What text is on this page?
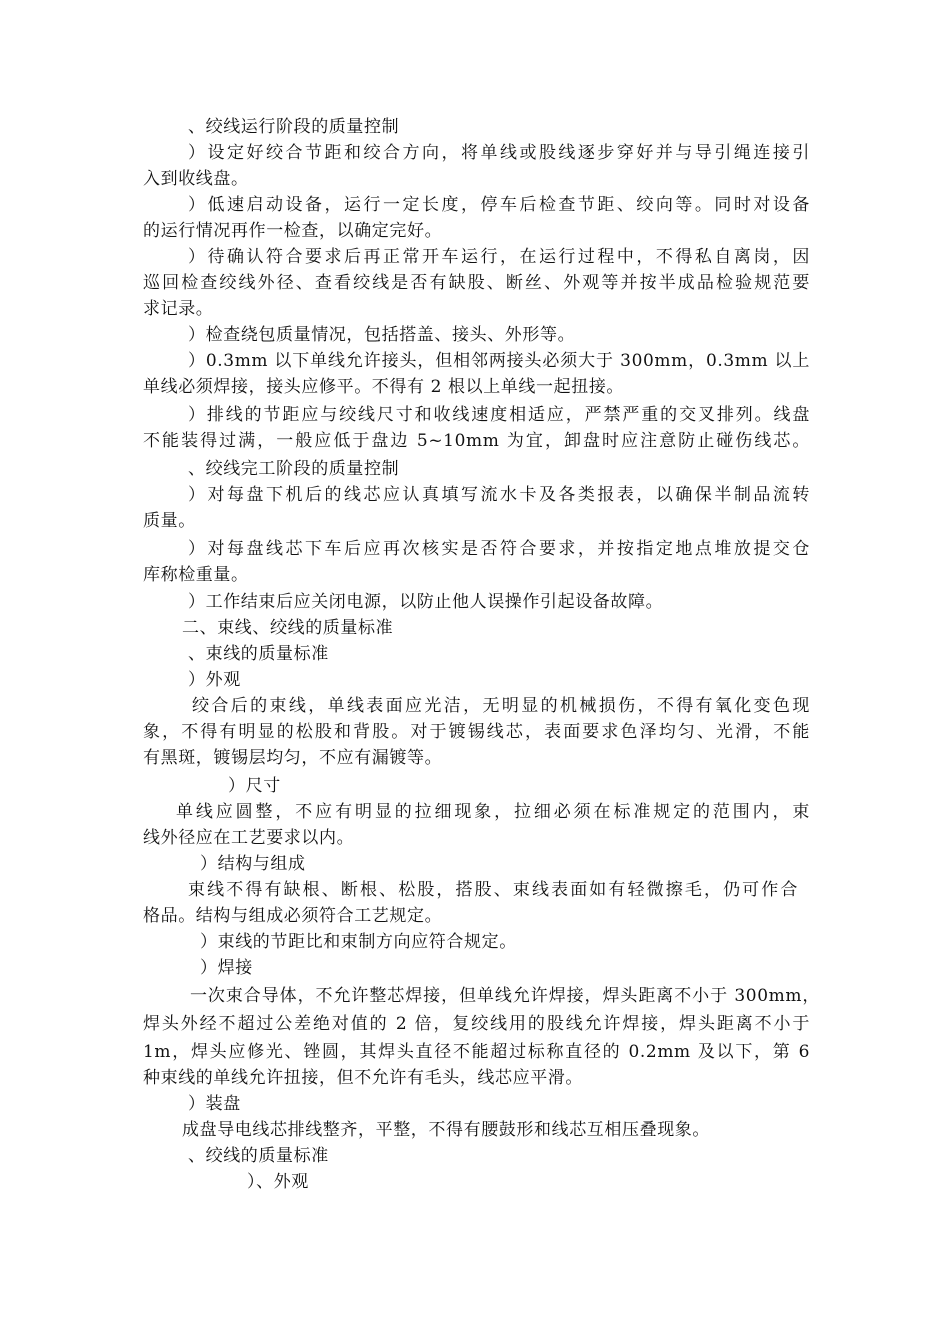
、绞线运行阶段的质量控制
）设定好绞合节距和绞合方向，将单线或股线逐步穿好并与导引绳连接引
入到收线盘。
）低速启动设备，运行一定长度，停车后检查节距、绞向等。同时对设备
的运行情况再作一检查，以确定完好。
）待确认符合要求后再正常开车运行，在运行过程中，不得私自离岗，因
巡回检查绞线外径、查看绞线是否有缺股、断丝、外观等并按半成品检验规范要
求记录。
）检查绕包质量情况，包括搭盖、接头、外形等。
）0.3mm 以下单线允许接头，但相邻两接头必须大于 300mm，0.3mm 以上
单线必须焊接，接头应修平。不得有 2 根以上单线一起扭接。
）排线的节距应与绞线尺寸和收线速度相适应，严禁严重的交叉排列。线盘
不能装得过满，一般应低于盘边 5~10mm 为宜，卸盘时应注意防止碰伤线芯。
、绞线完工阶段的质量控制
）对每盘下机后的线芯应认真填写流水卡及各类报表，以确保半制品流转
质量。
）对每盘线芯下车后应再次核实是否符合要求，并按指定地点堆放提交仓
库称检重量。
）工作结束后应关闭电源，以防止他人误操作引起设备故障。
二、束线、绞线的质量标准
、束线的质量标准
）外观
绞合后的束线，单线表面应光洁，无明显的机械损伤，不得有氧化变色现
象，不得有明显的松股和背股。对于镀锡线芯，表面要求色泽均匀、光滑，不能
有黑斑，镀锡层均匀，不应有漏镀等。
）尺寸
单线应圆整，不应有明显的拉细现象，拉细必须在标准规定的范围内，束
线外径应在工艺要求以内。
）结构与组成
束线不得有缺根、断根、松股，搭股、束线表面如有轻微擦毛，仍可作合
格品。结构与组成必须符合工艺规定。
）束线的节距比和束制方向应符合规定。
）焊接
一次束合导体，不允许整芯焊接，但单线允许焊接，焊头距离不小于 300mm，
焊头外经不超过公差绝对值的 2 倍，复绞线用的股线允许焊接，焊头距离不小于
1m，焊头应修光、锉圆，其焊头直径不能超过标称直径的 0.2mm 及以下，第 6
种束线的单线允许扭接，但不允许有毛头，线芯应平滑。
）装盘
成盘导电线芯排线整齐，平整，不得有腰鼓形和线芯互相压叠现象。
、绞线的质量标准
）、外观
